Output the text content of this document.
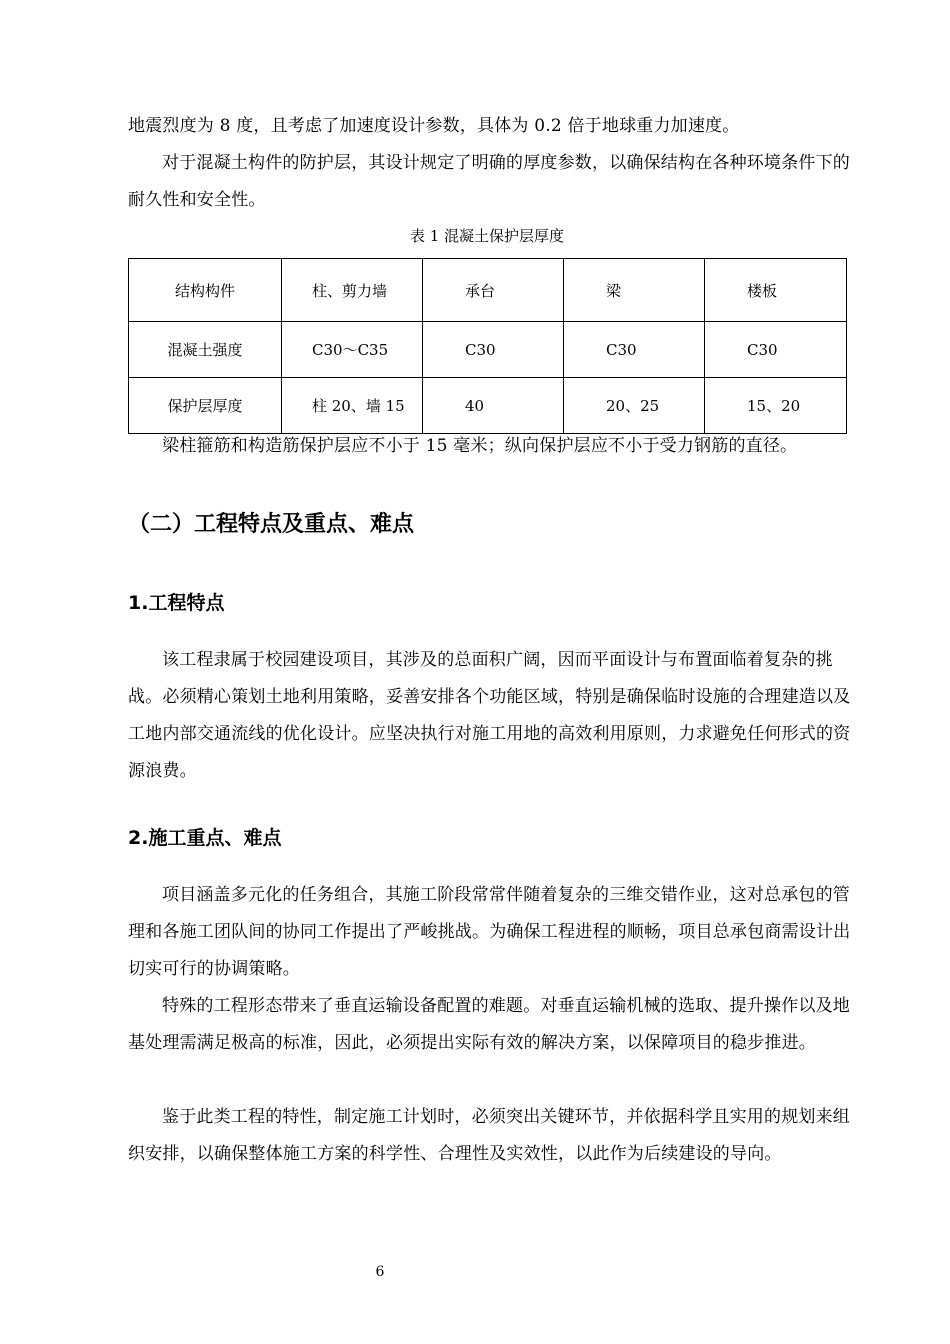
地震烈度为 8 度，且考虑了加速度设计参数，具体为 0.2 倍于地球重力加速度。

对于混凝土构件的防护层，其设计规定了明确的厚度参数，以确保结构在各种环境条件下的耐久性和安全性。

表 1 混凝土保护层厚度

结构构件	柱、剪力墙	承台	梁	楼板
混凝土强度	C30～C35	C30	C30	C30
保护层厚度	柱 20、墙 15	40	20、25	15、20

梁柱箍筋和构造筋保护层应不小于 15 毫米；纵向保护层应不小于受力钢筋的直径。

（二）工程特点及重点、难点
1.工程特点

该工程隶属于校园建设项目，其涉及的总面积广阔，因而平面设计与布置面临着复杂的挑战。必须精心策划土地利用策略，妥善安排各个功能区域，特别是确保临时设施的合理建造以及工地内部交通流线的优化设计。应坚决执行对施工用地的高效利用原则，力求避免任何形式的资源浪费。

2.施工重点、难点

项目涵盖多元化的任务组合，其施工阶段常常伴随着复杂的三维交错作业，这对总承包的管理和各施工团队间的协同工作提出了严峻挑战。为确保工程进程的顺畅，项目总承包商需设计出切实可行的协调策略。

特殊的工程形态带来了垂直运输设备配置的难题。对垂直运输机械的选取、提升操作以及地基处理需满足极高的标准，因此，必须提出实际有效的解决方案，以保障项目的稳步推进。

鉴于此类工程的特性，制定施工计划时，必须突出关键环节，并依据科学且实用的规划来组织安排，以确保整体施工方案的科学性、合理性及实效性，以此作为后续建设的导向。

6
